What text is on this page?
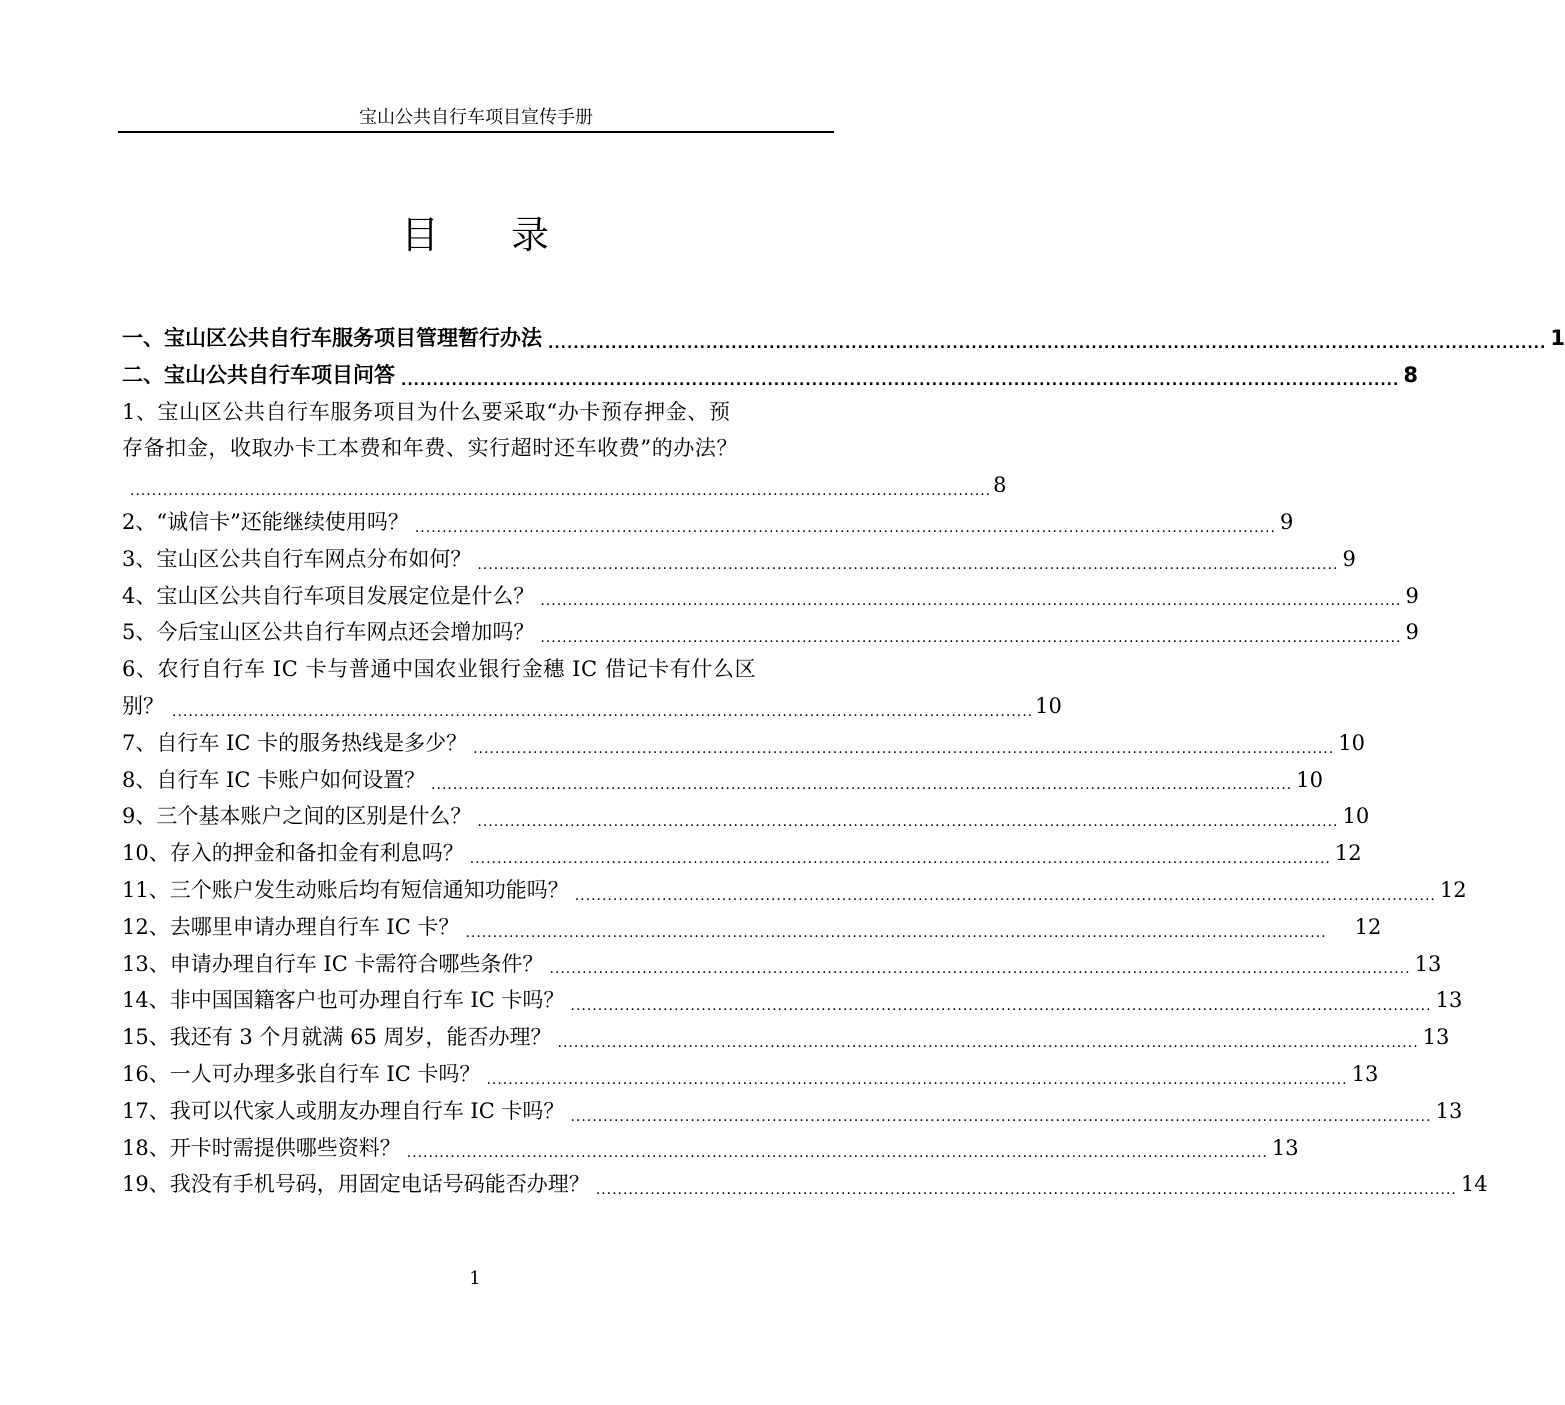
宝山公共自行车项目宣传手册
目录
一、宝山区公共自行车服务项目管理暂行办法 .............................................................................................................................................................. 1
二、宝山公共自行车项目问答 .............................................................................................................................................................. 8
1、宝山区公共自行车服务项目为什么要采取“办卡预存押金、预
存备扣金，收取办卡工本费和年费、实行超时还车收费”的办法？
.............................................................................................................................................................. 8
2、“诚信卡”还能继续使用吗？ .............................................................................................................................................................. 9
3、宝山区公共自行车网点分布如何？ .............................................................................................................................................................. 9
4、宝山区公共自行车项目发展定位是什么？ .............................................................................................................................................................. 9
5、今后宝山区公共自行车网点还会增加吗？ .............................................................................................................................................................. 9
6、农行自行车 IC 卡与普通中国农业银行金穗 IC 借记卡有什么区
别？ .............................................................................................................................................................. 10
7、自行车 IC 卡的服务热线是多少？ .............................................................................................................................................................. 10
8、自行车 IC 卡账户如何设置？ .............................................................................................................................................................. 10
9、三个基本账户之间的区别是什么？ .............................................................................................................................................................. 10
10、存入的押金和备扣金有利息吗？ .............................................................................................................................................................. 12
11、三个账户发生动账后均有短信通知功能吗？ .............................................................................................................................................................. 12
12、去哪里申请办理自行车 IC 卡？ .............................................................................................................................................................. 12
13、申请办理自行车 IC 卡需符合哪些条件？ .............................................................................................................................................................. 13
14、非中国国籍客户也可办理自行车 IC 卡吗？ .............................................................................................................................................................. 13
15、我还有 3 个月就满 65 周岁，能否办理？ .............................................................................................................................................................. 13
16、一人可办理多张自行车 IC 卡吗？ .............................................................................................................................................................. 13
17、我可以代家人或朋友办理自行车 IC 卡吗？ .............................................................................................................................................................. 13
18、开卡时需提供哪些资料？ .............................................................................................................................................................. 13
19、我没有手机号码，用固定电话号码能否办理？ .............................................................................................................................................................. 14
1
